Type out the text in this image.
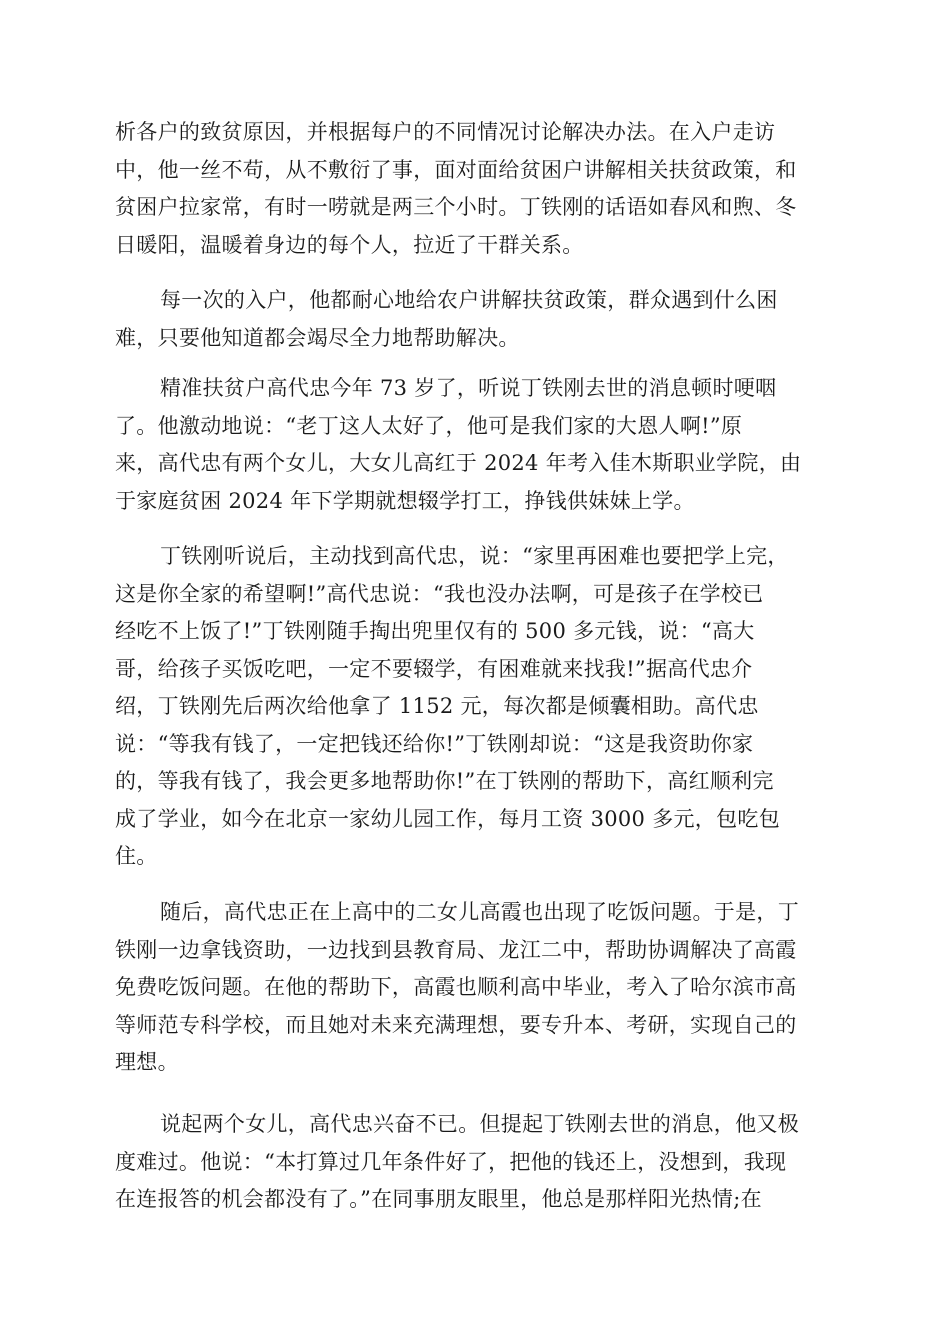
析各户的致贫原因，并根据每户的不同情况讨论解决办法。在入户走访
中，他一丝不苟，从不敷衍了事，面对面给贫困户讲解相关扶贫政策，和
贫困户拉家常，有时一唠就是两三个小时。丁铁刚的话语如春风和煦、冬
日暖阳，温暖着身边的每个人，拉近了干群关系。
每一次的入户，他都耐心地给农户讲解扶贫政策，群众遇到什么困
难，只要他知道都会竭尽全力地帮助解决。
精准扶贫户高代忠今年 73 岁了，听说丁铁刚去世的消息顿时哽咽
了。他激动地说：“老丁这人太好了，他可是我们家的大恩人啊!”原
来，高代忠有两个女儿，大女儿高红于 2024 年考入佳木斯职业学院，由
于家庭贫困 2024 年下学期就想辍学打工，挣钱供妹妹上学。
丁铁刚听说后，主动找到高代忠，说：“家里再困难也要把学上完，
这是你全家的希望啊!”高代忠说：“我也没办法啊，可是孩子在学校已
经吃不上饭了!”丁铁刚随手掏出兜里仅有的 500 多元钱，说：“高大
哥，给孩子买饭吃吧，一定不要辍学，有困难就来找我!”据高代忠介
绍，丁铁刚先后两次给他拿了 1152 元，每次都是倾囊相助。高代忠
说：“等我有钱了，一定把钱还给你!”丁铁刚却说：“这是我资助你家
的，等我有钱了，我会更多地帮助你!”在丁铁刚的帮助下，高红顺利完
成了学业，如今在北京一家幼儿园工作，每月工资 3000 多元，包吃包
住。
随后，高代忠正在上高中的二女儿高霞也出现了吃饭问题。于是，丁
铁刚一边拿钱资助，一边找到县教育局、龙江二中，帮助协调解决了高霞
免费吃饭问题。在他的帮助下，高霞也顺利高中毕业，考入了哈尔滨市高
等师范专科学校，而且她对未来充满理想，要专升本、考研，实现自己的
理想。
说起两个女儿，高代忠兴奋不已。但提起丁铁刚去世的消息，他又极
度难过。他说：“本打算过几年条件好了，把他的钱还上，没想到，我现
在连报答的机会都没有了。”在同事朋友眼里，他总是那样阳光热情;在
